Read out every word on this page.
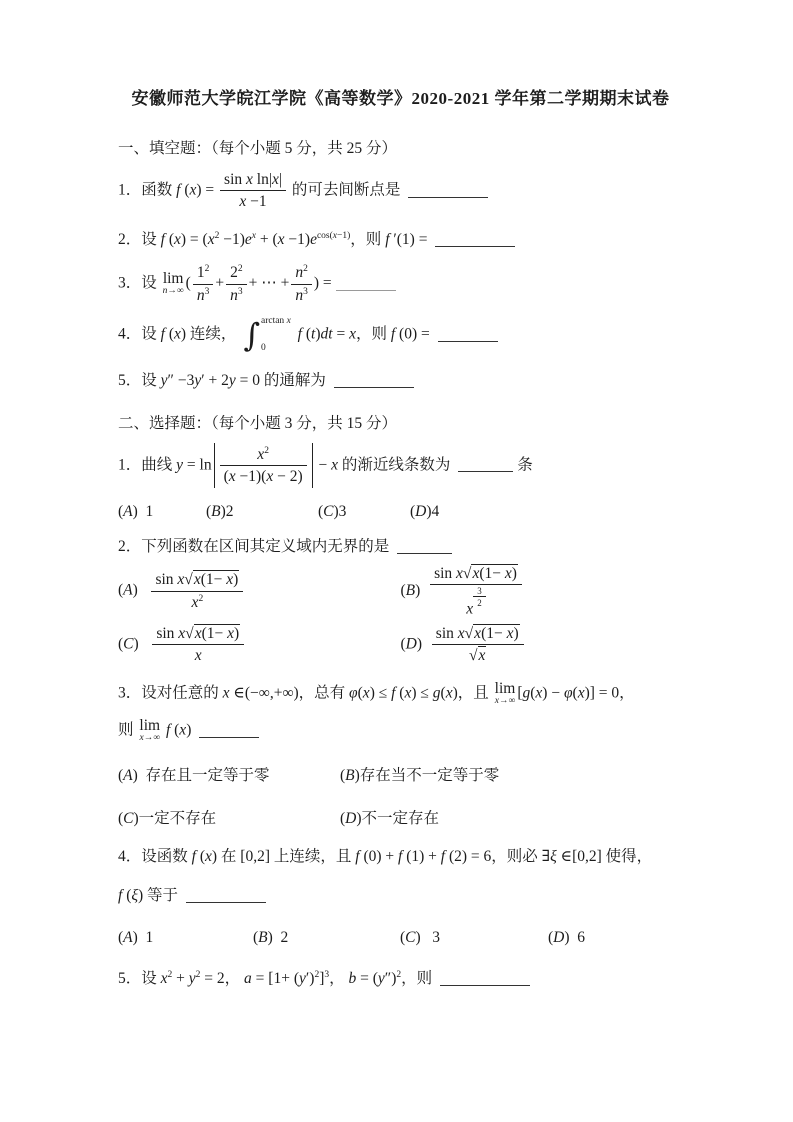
安徽师范大学皖江学院《高等数学》2020-2021 学年第二学期期末试卷
一、填空题：（每个小题 5 分，共 25 分）
1．函数 f $(x) = \frac{\text{sin x ln|x|}}{x -1}$ 的可去间断点是
2．设 f $(x) = (x^2 -1)e^x + (x -1)e^{cos(x-1)}$，则 f ′(1) =
3．设 lim
n→∞ ( $\frac{1^2}{n^3} + \frac{2^2}{n^3}$ + ⋯ + $\frac{n^2}{n^3}$ ) =
4．设 f (x) 连续， ∫ arctan x
0
f (t)dt = x，则 f (0) =
5．设 y″ −3y′ + 2y = 0 的通解为
二、选择题：（每个小题 3 分，共 15 分）
1．曲线 $y = \ln \frac{x^2}{(x -1)(x - 2)} - x$ 的渐近线条数为	条
(A)  1	(B)2	(C)3	(D)4
2．下列函数在区间其定义域内无界的是
$(A) \frac{\text{sin x√x(1− x)}}{x^2}$	(B) sin x√x(1− x)
x
$\frac{3}{2}$
$(C) \frac{\text{sin x√x(1− x)}}{x}$	$(D) \frac{\text{sin x√x(1− x)}}{√x}$
3．设对任意的 x ∈(−∞,+∞)，总有 φ(x) ≤ f (x) ≤ g(x)，且 lim
x→∞ [g(x) − φ(x)] = 0，
则 lim
x→∞ f (x)
(A)  存在且一定等于零	(B)存在当不一定等于零
(C)一定不存在	(D)不一定存在
4．设函数 f (x) 在 [0,2] 上连续，且 f (0) + f (1) + f (2) = 6，则必 ∃ξ ∈[0,2] 使得，
f (ξ) 等于
(A)  1	(B)  2	(C)   3	(D)  6
5．设 $x^2 + y^2 = 2$， $a = [1+ (y')^2]^3$， $b = (y'')^2$，则
